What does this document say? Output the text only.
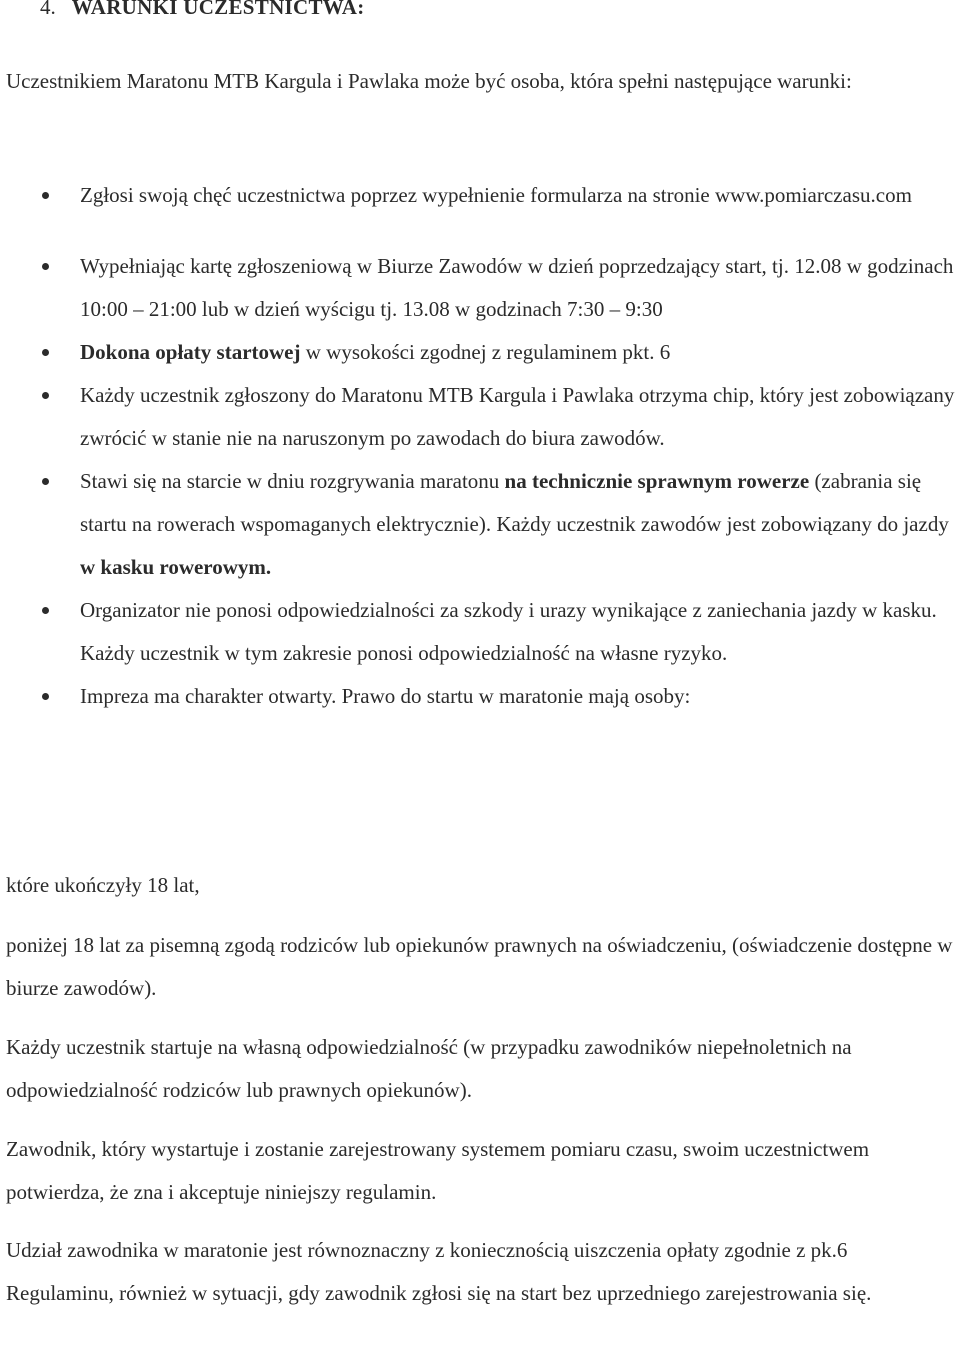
4. WARUNKI UCZESTNICTWA:

Uczestnikiem Maratonu MTB Kargula i Pawlaka może być osoba, która spełni następujące warunki:

Zgłosi swoją chęć uczestnictwa poprzez wypełnienie formularza na stronie www.pomiarczasu.com
Wypełniając kartę zgłoszeniową w Biurze Zawodów w dzień poprzedzający start, tj. 12.08 w godzinach 10:00 – 21:00 lub w dzień wyścigu tj. 13.08 w godzinach 7:30 – 9:30
Dokona opłaty startowej w wysokości zgodnej z regulaminem pkt. 6
Każdy uczestnik zgłoszony do Maratonu MTB Kargula i Pawlaka otrzyma chip, który jest zobowiązany zwrócić w stanie nie na naruszonym po zawodach do biura zawodów.
Stawi się na starcie w dniu rozgrywania maratonu na technicznie sprawnym rowerze (zabrania się startu na rowerach wspomaganych elektrycznie). Każdy uczestnik zawodów jest zobowiązany do jazdy w kasku rowerowym.
Organizator nie ponosi odpowiedzialności za szkody i urazy wynikające z zaniechania jazdy w kasku. Każdy uczestnik w tym zakresie ponosi odpowiedzialność na własne ryzyko.
Impreza ma charakter otwarty. Prawo do startu w maratonie mają osoby:

które ukończyły 18 lat,

poniżej 18 lat za pisemną zgodą rodziców lub opiekunów prawnych na oświadczeniu, (oświadczenie dostępne w biurze zawodów).

Każdy uczestnik startuje na własną odpowiedzialność (w przypadku zawodników niepełnoletnich na odpowiedzialność rodziców lub prawnych opiekunów).

Zawodnik, który wystartuje i zostanie zarejestrowany systemem pomiaru czasu, swoim uczestnictwem potwierdza, że zna i akceptuje niniejszy regulamin.

Udział zawodnika w maratonie jest równoznaczny z koniecznością uiszczenia opłaty zgodnie z pk.6 Regulaminu, również w sytuacji, gdy zawodnik zgłosi się na start bez uprzedniego zarejestrowania się.
